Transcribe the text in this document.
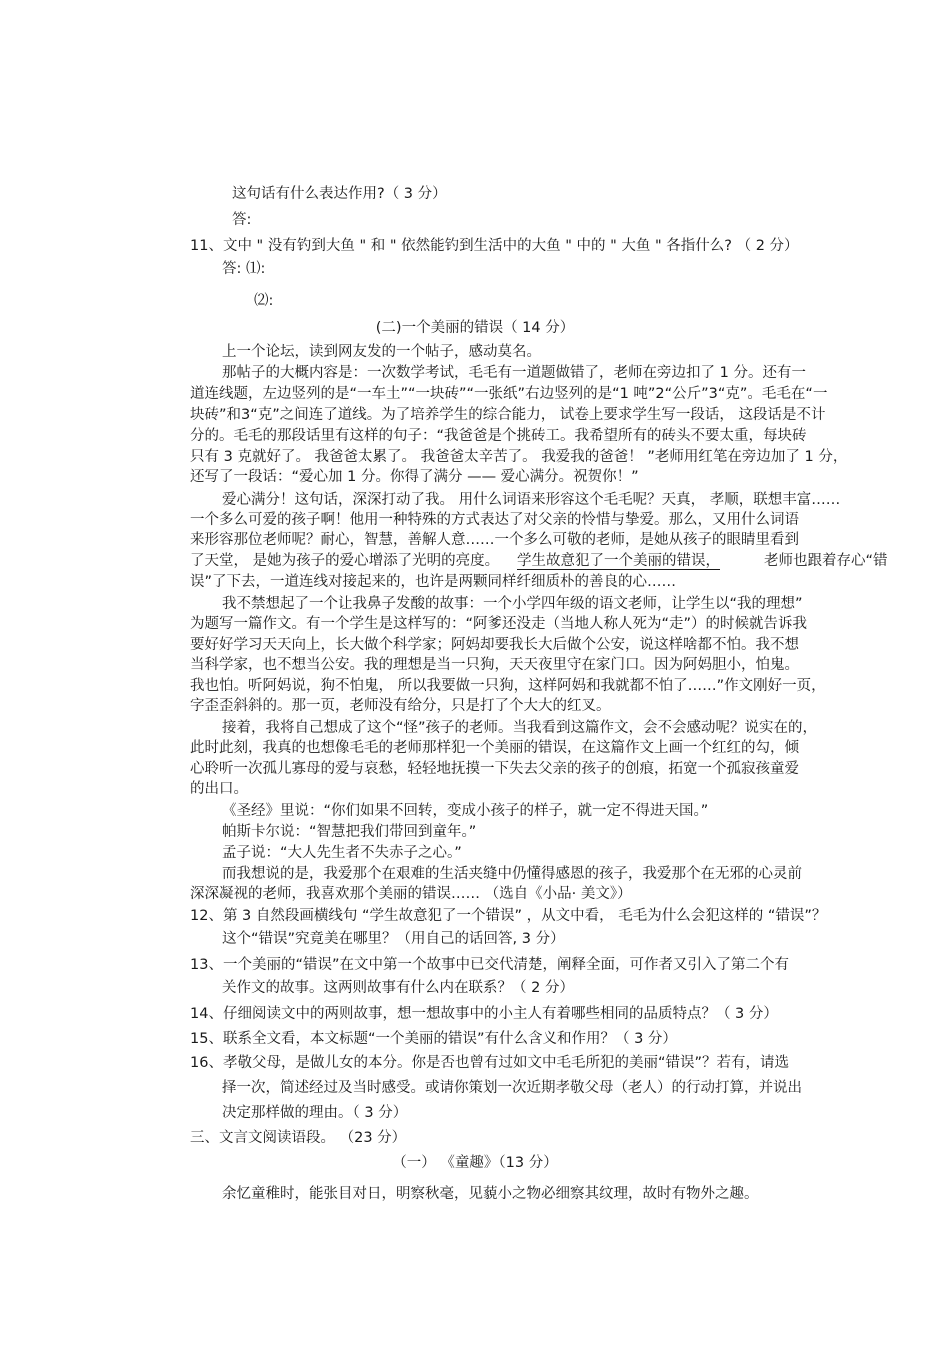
这句话有什么表达作用?（ 3 分）
答:
11、文中 " 没有钓到大鱼 " 和 " 依然能钓到生活中的大鱼 " 中的 " 大鱼 " 各指什么? （ 2 分）
答: ⑴:
⑵:
(二)一个美丽的错误（ 14 分）
上一个论坛，读到网友发的一个帖子，感动莫名。
那帖子的大概内容是：一次数学考试，毛毛有一道题做错了，老师在旁边扣了 1 分。还有一
道连线题，左边竖列的是“一车土”“一块砖”“一张纸”右边竖列的是“1 吨”2“公斤”3“克”。毛毛在“一
块砖”和3“克”之间连了道线。为了培养学生的综合能力， 试卷上要求学生写一段话， 这段话是不计
分的。毛毛的那段话里有这样的句子：“我爸爸是个挑砖工。我希望所有的砖头不要太重，每块砖
只有 3 克就好了。 我爸爸太累了。 我爸爸太辛苦了。 我爱我的爸爸！ ”老师用红笔在旁边加了 1 分，
还写了一段话：“爱心加 1 分。你得了满分 —— 爱心满分。祝贺你！”
爱心满分！这句话，深深打动了我。 用什么词语来形容这个毛毛呢？天真， 孝顺，联想丰富……
一个多么可爱的孩子啊！他用一种特殊的方式表达了对父亲的怜惜与挚爱。那么，又用什么词语
来形容那位老师呢？耐心，智慧，善解人意……一个多么可敬的老师，是她从孩子的眼睛里看到
了天堂， 是她为孩子的爱心增添了光明的亮度。 学生故意犯了一个美丽的错误，	老师也跟着存心“错
误”了下去，一道连线对接起来的，也许是两颗同样纤细质朴的善良的心……
我不禁想起了一个让我鼻子发酸的故事：一个小学四年级的语文老师，让学生以“我的理想”
为题写一篇作文。有一个学生是这样写的：“阿爹还没走（当地人称人死为“走”）的时候就告诉我
要好好学习天天向上，长大做个科学家；阿妈却要我长大后做个公安，说这样啥都不怕。我不想
当科学家，也不想当公安。我的理想是当一只狗，天天夜里守在家门口。因为阿妈胆小，怕鬼。
我也怕。听阿妈说，狗不怕鬼， 所以我要做一只狗，这样阿妈和我就都不怕了……”作文刚好一页，
字歪歪斜斜的。那一页，老师没有给分，只是打了个大大的红叉。
接着，我将自己想成了这个“怪”孩子的老师。当我看到这篇作文，会不会感动呢？说实在的，
此时此刻，我真的也想像毛毛的老师那样犯一个美丽的错误，在这篇作文上画一个红红的勾，倾
心聆听一次孤儿寡母的爱与哀愁，轻轻地抚摸一下失去父亲的孩子的创痕，拓宽一个孤寂孩童爱
的出口。
《圣经》里说：“你们如果不回转，变成小孩子的样子，就一定不得进天国。”
帕斯卡尔说：“智慧把我们带回到童年。”
孟子说：“大人先生者不失赤子之心。”
而我想说的是，我爱那个在艰难的生活夹缝中仍懂得感恩的孩子，我爱那个在无邪的心灵前
深深凝视的老师，我喜欢那个美丽的错误…… （选自《小品· 美文》）
12、第 3 自然段画横线句 “学生故意犯了一个错误” ，从文中看， 毛毛为什么会犯这样的 “错误”？
这个“错误”究竟美在哪里？（用自己的话回答, 3 分）
13、一个美丽的“错误”在文中第一个故事中已交代清楚，阐释全面，可作者又引入了第二个有
关作文的故事。这两则故事有什么内在联系？（ 2 分）
14、仔细阅读文中的两则故事，想一想故事中的小主人有着哪些相同的品质特点？（ 3 分）
15、联系全文看，本文标题“一个美丽的错误”有什么含义和作用？（ 3 分）
16、孝敬父母，是做儿女的本分。你是否也曾有过如文中毛毛所犯的美丽“错误”？若有，请选
择一次，简述经过及当时感受。或请你策划一次近期孝敬父母（老人）的行动打算，并说出
决定那样做的理由。（ 3 分）
三、文言文阅读语段。 （23 分）
（一） 《童趣》（13 分）
余忆童稚时，能张目对日，明察秋毫，见藐小之物必细察其纹理，故时有物外之趣。
